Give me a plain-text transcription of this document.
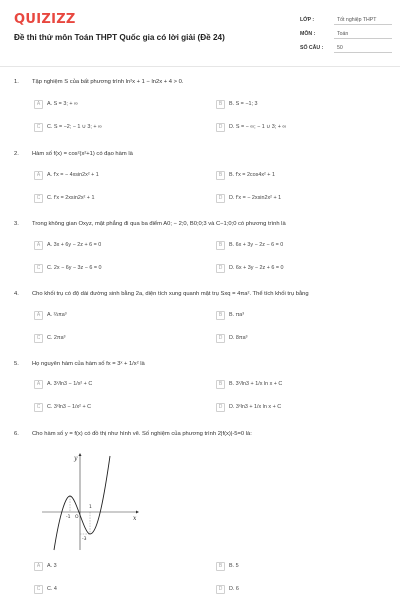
QUIZIZZ
Đề thi thử môn Toán THPT Quốc gia có lời giải (Đề 24)
LỚP :	Tốt nghiệp THPT
MÔN :	Toán
SỐ CÂU :	50
1.	Tập nghiệm S của bất phương trình ln²x + 1 − ln2x + 4 > 0.
A	A. S = 3; + ∞	B	B. S = −1; 3
C	C. S = −2; − 1 ∪ 3; + ∞	D	D. S = − ∞; − 1 ∪ 3; + ∞
2.	Hàm số f(x) = cos²(x²+1) có đạo hàm là
A	A. f′x = − 4xsin2x² + 1	B	B. f′x = 2cos4x² + 1
C	C. f′x = 2xsin2x² + 1	D	D. f′x = − 2xsin2x² + 1
3.	Trong không gian Oxyz, mặt phẳng đi qua ba điểm A0; − 2;0, B0;0;3 và C−1;0;0 có phương trình là
A	A. 3x + 6y − 2z + 6 = 0	B	B. 6x + 3y − 2z − 6 = 0
C	C. 2x − 6y − 3z − 6 = 0	D	D. 6x + 3y − 2z + 6 = 0
4.	Cho khối trụ có độ dài đường sinh bằng 2a, diện tích xung quanh mặt trụ Sxq = 4πa². Thể tích khối trụ bằng
A	A. ⅔πa³	B	B. πa³
C	C. 2πa³	D	D. 8πa³
5.	Họ nguyên hàm của hàm số fx = 3ˣ + 1/x² là
A	A. 3ˣ/ln3 − 1/x² + C	B	B. 3ˣ/ln3 + 1/x ln x + C
C	C. 3ˣln3 − 1/x² + C	D	D. 3ˣln3 + 1/x ln x + C
6.	Cho hàm số y = f(x) có đồ thị như hình vẽ. Số nghiệm của phương trình 2|f(x)|-5=0 là:
y
x
O
-1
1
-3
A	A. 3	B	B. 5
C	C. 4	D	D. 6
